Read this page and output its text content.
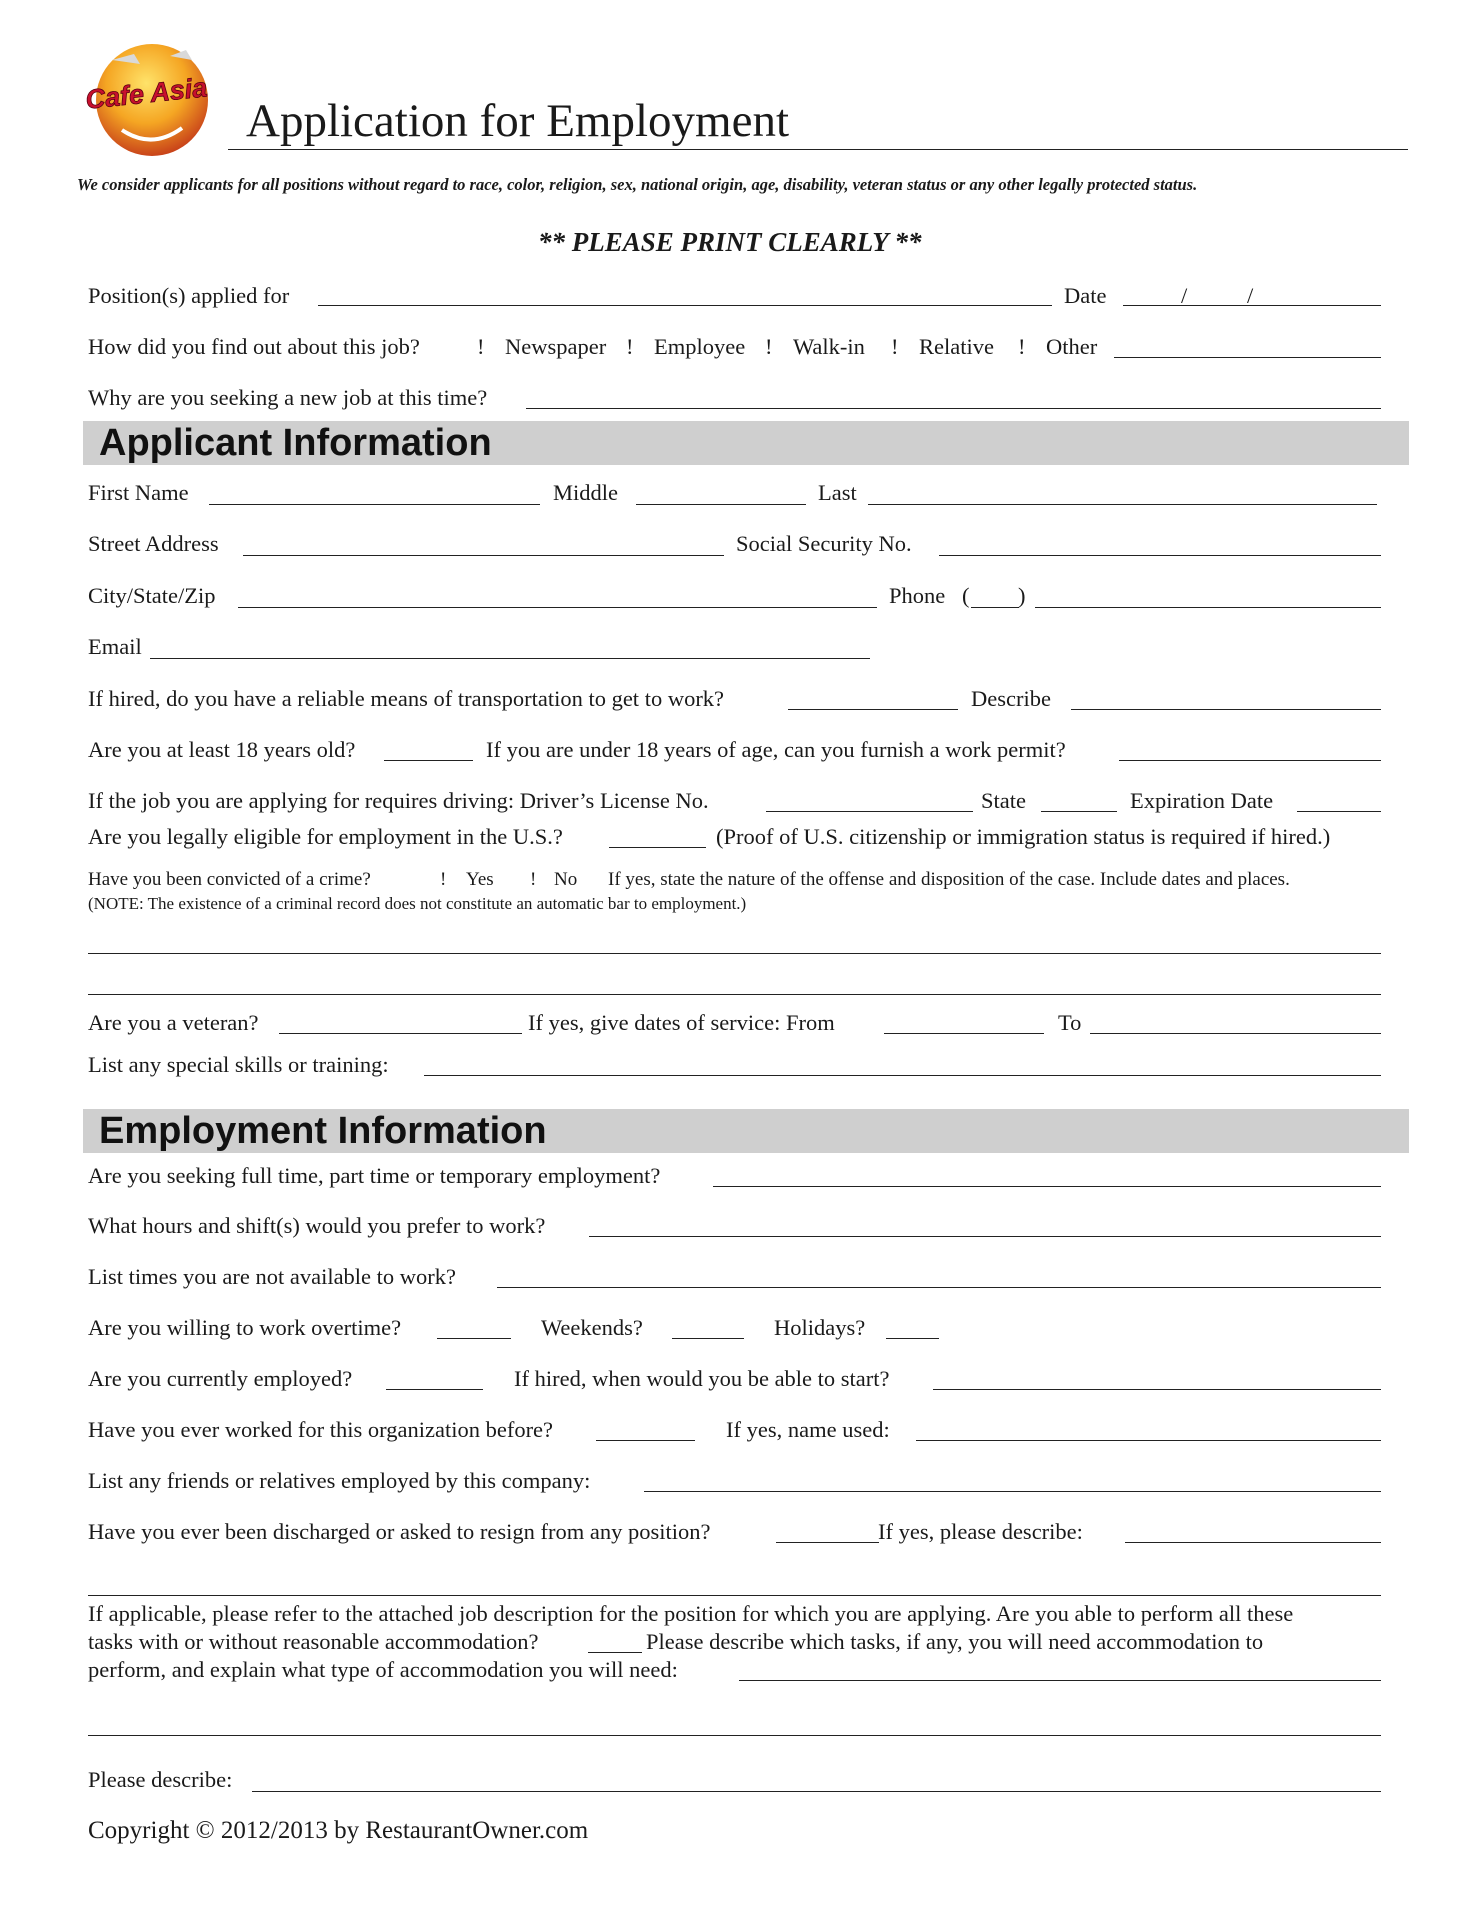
Cafe Asia
Application for Employment
We consider applicants for all positions without regard to race, color, religion, sex, national origin, age, disability, veteran status or any other legally protected status.
** PLEASE PRINT CLEARLY **
Position(s) applied for	Date	/	/
How did you find out about this job?	! Newspaper ! Employee ! Walk-in ! Relative ! Other
Why are you seeking a new job at this time?
Applicant Information
First Name	Middle	Last
Street Address	Social Security No.
City/State/Zip	Phone ( )
Email
If hired, do you have a reliable means of transportation to get to work?	Describe
Are you at least 18 years old?	If you are under 18 years of age, can you furnish a work permit?
If the job you are applying for requires driving: Driver’s License No.	State	Expiration Date
Are you legally eligible for employment in the U.S.?	(Proof of U.S. citizenship or immigration status is required if hired.)
Have you been convicted of a crime?	! Yes ! No If yes, state the nature of the offense and disposition of the case. Include dates and places.
(NOTE: The existence of a criminal record does not constitute an automatic bar to employment.)
Are you a veteran?	If yes, give dates of service: From	To
List any special skills or training:
Employment Information
Are you seeking full time, part time or temporary employment?
What hours and shift(s) would you prefer to work?
List times you are not available to work?
Are you willing to work overtime?	Weekends?	Holidays?
Are you currently employed?	If hired, when would you be able to start?
Have you ever worked for this organization before?	If yes, name used:
List any friends or relatives employed by this company:
Have you ever been discharged or asked to resign from any position?	If yes, please describe:
If applicable, please refer to the attached job description for the position for which you are applying. Are you able to perform all these
tasks with or without reasonable accommodation?	Please describe which tasks, if any, you will need accommodation to
perform, and explain what type of accommodation you will need:
Please describe:
Copyright © 2012/2013 by RestaurantOwner.com
